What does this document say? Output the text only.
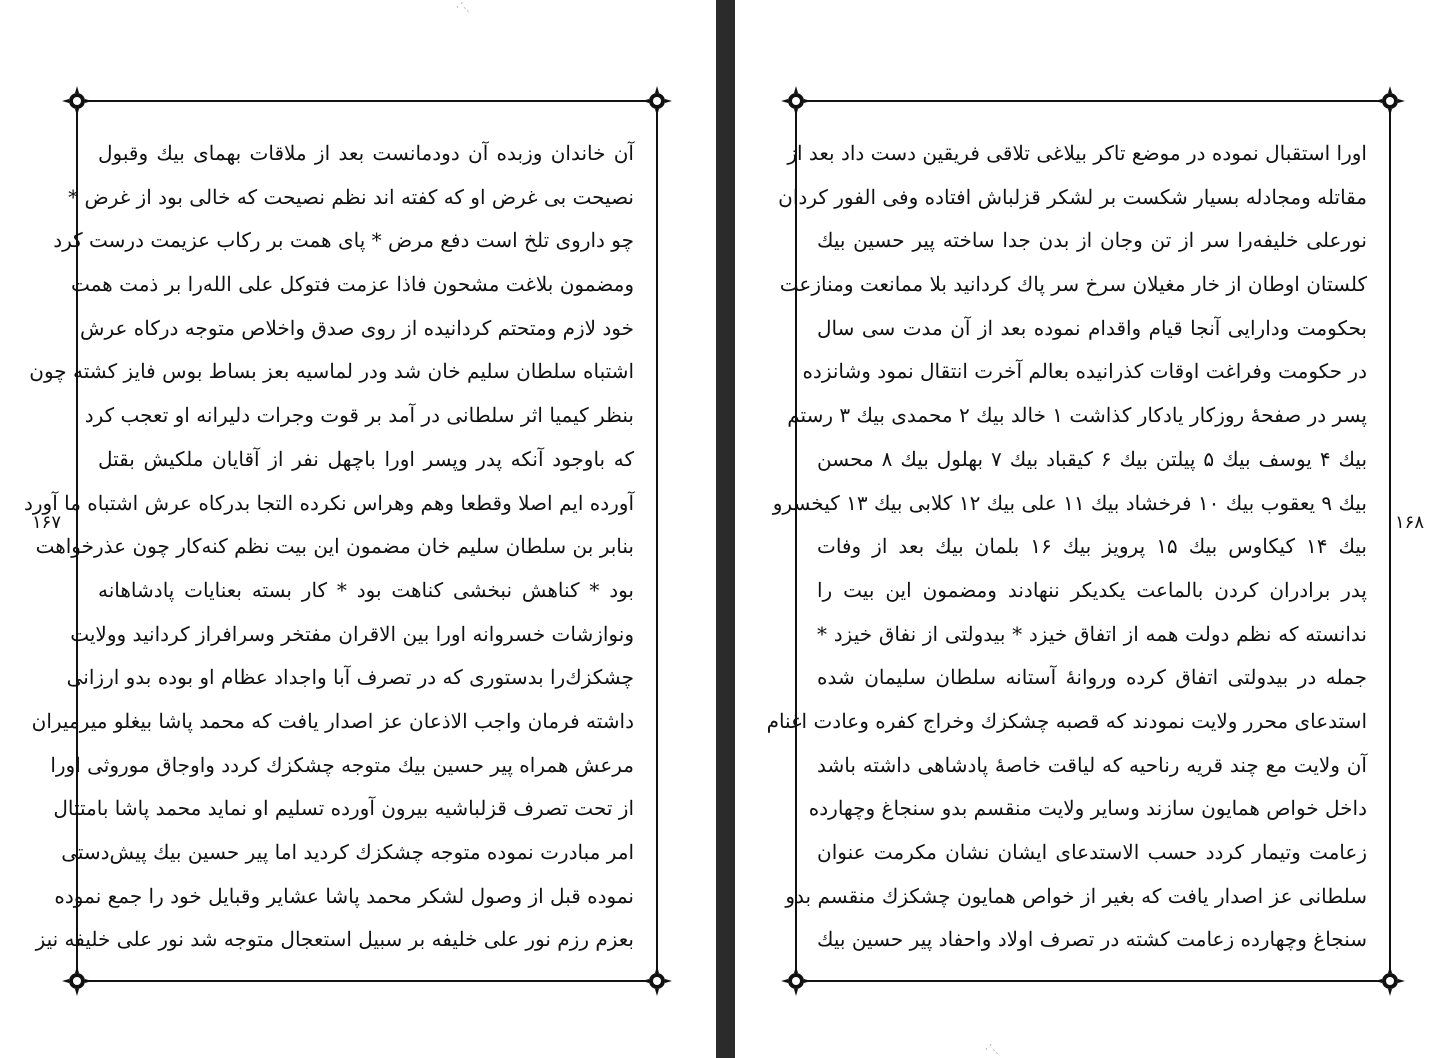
·ˊ˴ˏ
آن خاندان وزبده آن دودمانست بعد از ملاقات بهمای بیك وقبول
نصیحت بی غرض او که کفته اند نظم نصیحت که خالی بود از غرض *
چو داروی تلخ است دفع مرض * پای همت بر رکاب عزیمت درست کرد
ومضمون بلاغت مشحون فاذا عزمت فتوکل علی الله‌را بر ذمت همت
خود لازم ومتحتم کردانیده از روی صدق واخلاص متوجه درکاه عرش
اشتباه سلطان سلیم خان شد ودر لماسیه بعز بساط بوس فایز کشته چون
بنظر کیمیا اثر سلطانی در آمد بر قوت وجرات دلیرانه او تعجب کرد
که باوجود آنکه پدر وپسر اورا باچهل نفر از آقایان ملکیش بقتل
آورده ایم اصلا وقطعا وهم وهراس نکرده التجا بدرکاه عرش اشتباه ما آورد
بنابر بن سلطان سلیم خان مضمون این بیت نظم کنه‌کار چون عذرخواهت
بود * کناهش نبخشی کناهت بود * کار بسته بعنایات پادشاهانه
ونوازشات خسروانه اورا بین الاقران مفتخر وسرافراز کردانید وولایت
چشکزك‌را بدستوری که در تصرف آبا واجداد عظام او بوده بدو ارزانی
داشته فرمان واجب الاذعان عز اصدار یافت که محمد پاشا بیغلو میرمیران
مرعش همراه پیر حسین بیك متوجه چشکزك کردد واوجاق موروثی اورا
از تحت تصرف قزلباشیه بیرون آورده تسلیم او نماید محمد پاشا بامتثال
امر مبادرت نموده متوجه چشکزك کردید اما پیر حسین بیك پیش‌دستی
نموده قبل از وصول لشکر محمد پاشا عشایر وقبایل خود را جمع نموده
بعزم رزم نور علی خلیفه بر سبیل استعجال متوجه شد نور علی خلیفه نیز
۱۶۷
اورا استقبال نموده در موضع تاکر بیلاغی تلاقی فریقین دست داد بعد از
مقاتله ومجادله بسیار شکست بر لشکر قزلباش افتاده وفی الفور کردان
نورعلی خلیفه‌را سر از تن وجان از بدن جدا ساخته پیر حسین بیك
کلستان اوطان از خار مغیلان سرخ سر پاك کردانید بلا ممانعت ومنازعت
بحکومت ودارایی آنجا قیام واقدام نموده بعد از آن مدت سی سال
در حکومت وفراغت اوقات کذرانیده بعالم آخرت انتقال نمود وشانزده
پسر در صفحهٔ روزکار یادکار کذاشت ۱ خالد بیك ۲ محمدی بیك ۳ رستم
بیك ۴ یوسف بیك ۵ پیلتن بیك ۶ کیقباد بیك ۷ بهلول بیك ۸ محسن
بیك ۹ یعقوب بیك ۱۰ فرخشاد بیك ۱۱ علی بیك ۱۲ کلابی بیك ۱۳ کیخسرو
بیك ۱۴ کیکاوس بیك ۱۵ پرویز بیك ۱۶ بلمان بیك بعد از وفات
پدر برادران کردن بالماعت یکدیکر ننهادند ومضمون این بیت را
ندانسته که نظم دولت همه از اتفاق خیزد * بیدولتی از نفاق خیزد *
جمله در بیدولتی اتفاق کرده وروانهٔ آستانه سلطان سلیمان شده
استدعای محرر ولایت نمودند که قصبه چشکزك وخراج کفره وعادت اغنام
آن ولایت مع چند قریه رناحیه که لیاقت خاصهٔ پادشاهی داشته باشد
داخل خواص همایون سازند وسایر ولایت منقسم بدو سنجاغ وچهارده
زعامت وتیمار کردد حسب الاستدعای ایشان نشان مکرمت عنوان
سلطانی عز اصدار یافت که بغیر از خواص همایون چشکزك منقسم بدو
سنجاغ وچهارده زعامت کشته در تصرف اولاد واحفاد پیر حسین بیك
۱۶۸
·ˊ˴ˏ
